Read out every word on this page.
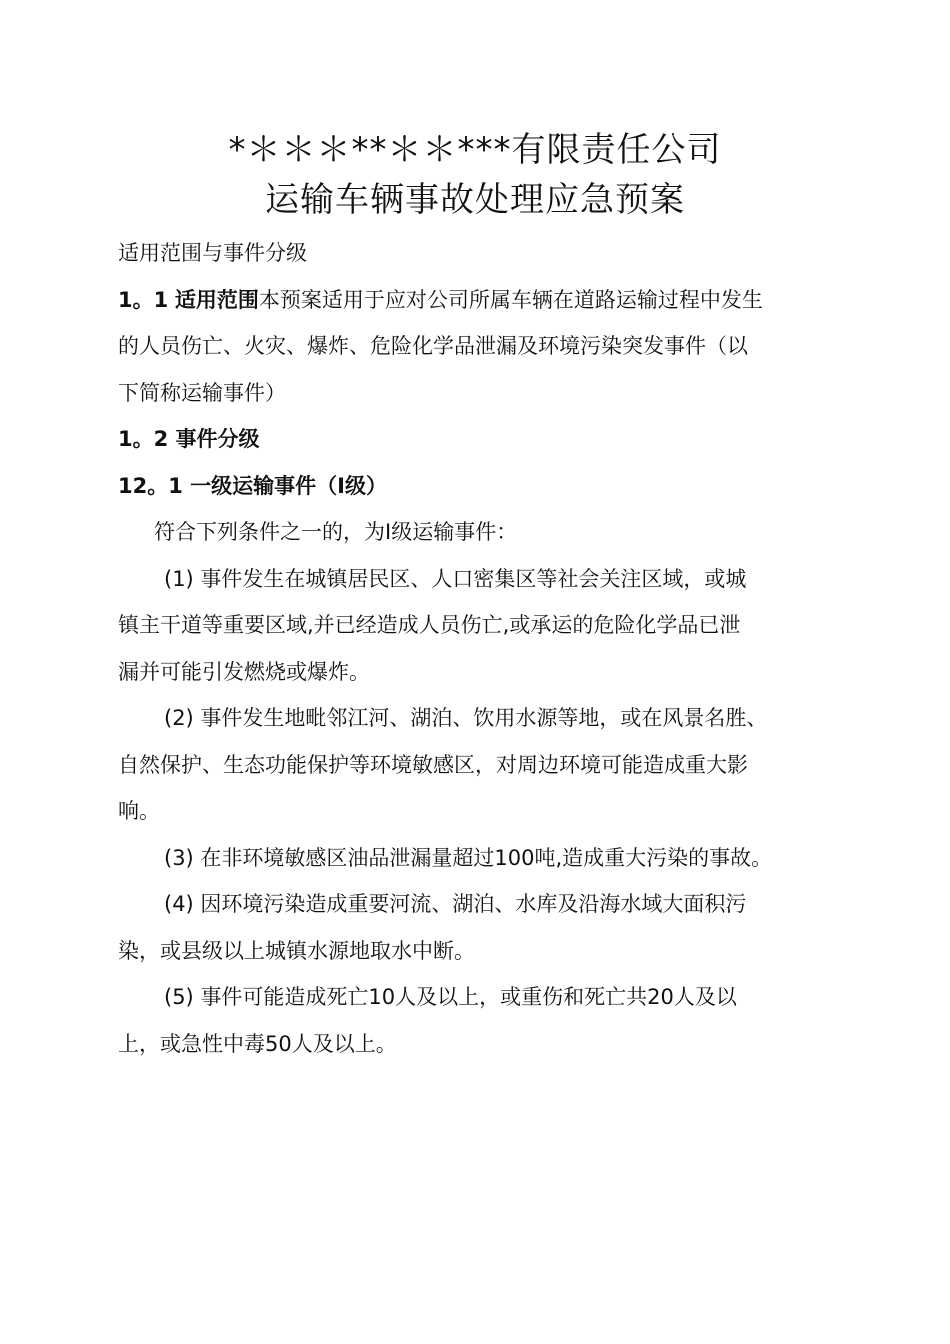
*＊＊＊**＊＊***有限责任公司
运输车辆事故处理应急预案

适用范围与事件分级

1。1 适用范围本预案适用于应对公司所属车辆在道路运输过程中发生

的人员伤亡、火灾、爆炸、危险化学品泄漏及环境污染突发事件（以

下简称运输事件）

1。2 事件分级

12。1 一级运输事件（I级）

符合下列条件之一的，为I级运输事件：

(1) 事件发生在城镇居民区、人口密集区等社会关注区域，或城

镇主干道等重要区域,并已经造成人员伤亡,或承运的危险化学品已泄

漏并可能引发燃烧或爆炸。

(2) 事件发生地毗邻江河、湖泊、饮用水源等地，或在风景名胜、

自然保护、生态功能保护等环境敏感区，对周边环境可能造成重大影

响。

(3) 在非环境敏感区油品泄漏量超过100吨,造成重大污染的事故。

(4) 因环境污染造成重要河流、湖泊、水库及沿海水域大面积污

染，或县级以上城镇水源地取水中断。

(5) 事件可能造成死亡10人及以上，或重伤和死亡共20人及以

上，或急性中毒50人及以上。
